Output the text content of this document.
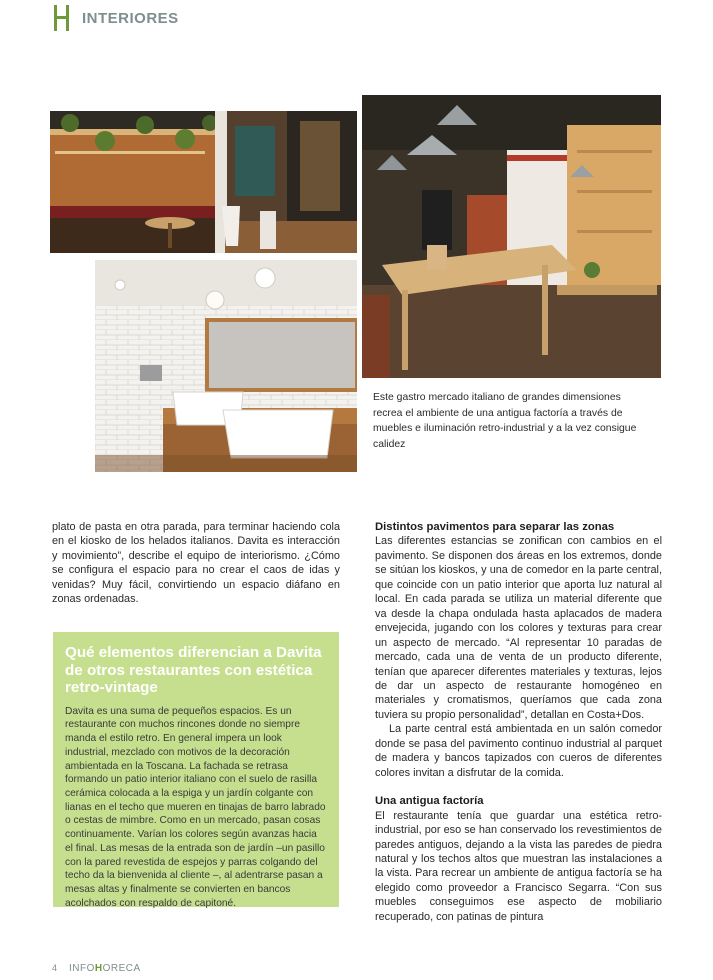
INTERIORES
Este gastro mercado italiano de grandes dimensiones recrea el ambiente de una antigua factoría a través de muebles e iluminación retro-industrial y a la vez consigue calidez

plato de pasta en otra parada, para terminar haciendo cola en el kiosko de los helados italianos. Davita es interacción y movimiento”, describe el equipo de interiorismo. ¿Cómo se configura el espacio para no crear el caos de idas y venidas? Muy fácil, convirtiendo un espacio diáfano en zonas ordenadas.

Qué elementos diferencian a Davita de otros restaurantes con estética retro-vintage

Davita es una suma de pequeños espacios. Es un restaurante con muchos rincones donde no siempre manda el estilo retro. En general impera un look industrial, mezclado con motivos de la decoración ambientada en la Toscana. La fachada se retrasa formando un patio interior italiano con el suelo de rasilla cerámica colocada a la espiga y un jardín colgante con lianas en el techo que mueren en tinajas de barro labrado o cestas de mimbre. Como en un mercado, pasan cosas continuamente. Varían los colores según avanzas hacia el final. Las mesas de la entrada son de jardín –un pasillo con la pared revestida de espejos y parras colgando del techo da la bienvenida al cliente –, al adentrarse pasan a mesas altas y finalmente se convierten en bancos acolchados con respaldo de capitoné.

Distintos pavimentos para separar las zonas

Las diferentes estancias se zonifican con cambios en el pavimento. Se disponen dos áreas en los extremos, donde se sitúan los kioskos, y una de comedor en la parte central, que coincide con un patio interior que aporta luz natural al local. En cada parada se utiliza un material diferente que va desde la chapa ondulada hasta aplacados de madera envejecida, jugando con los colores y texturas para crear un aspecto de mercado. “Al representar 10 paradas de mercado, cada una de venta de un producto diferente, tenían que aparecer diferentes materiales y texturas, lejos de dar un aspecto de restaurante homogéneo en materiales y cromatismos, queríamos que cada zona tuviera su propio personalidad”, detallan en Costa+Dos.

La parte central está ambientada en un salón comedor donde se pasa del pavimento continuo industrial al parquet de madera y bancos tapizados con cueros de diferentes colores invitan a disfrutar de la comida.

Una antigua factoría

El restaurante tenía que guardar una estética retro-industrial, por eso se han conservado los revestimientos de paredes antiguos, dejando a la vista las paredes de piedra natural y los techos altos que muestran las instalaciones a la vista. Para recrear un ambiente de antigua factoría se ha elegido como proveedor a Francisco Segarra. “Con sus muebles conseguimos ese aspecto de mobiliario recuperado, con patinas de pintura

4 INFOHORECA
